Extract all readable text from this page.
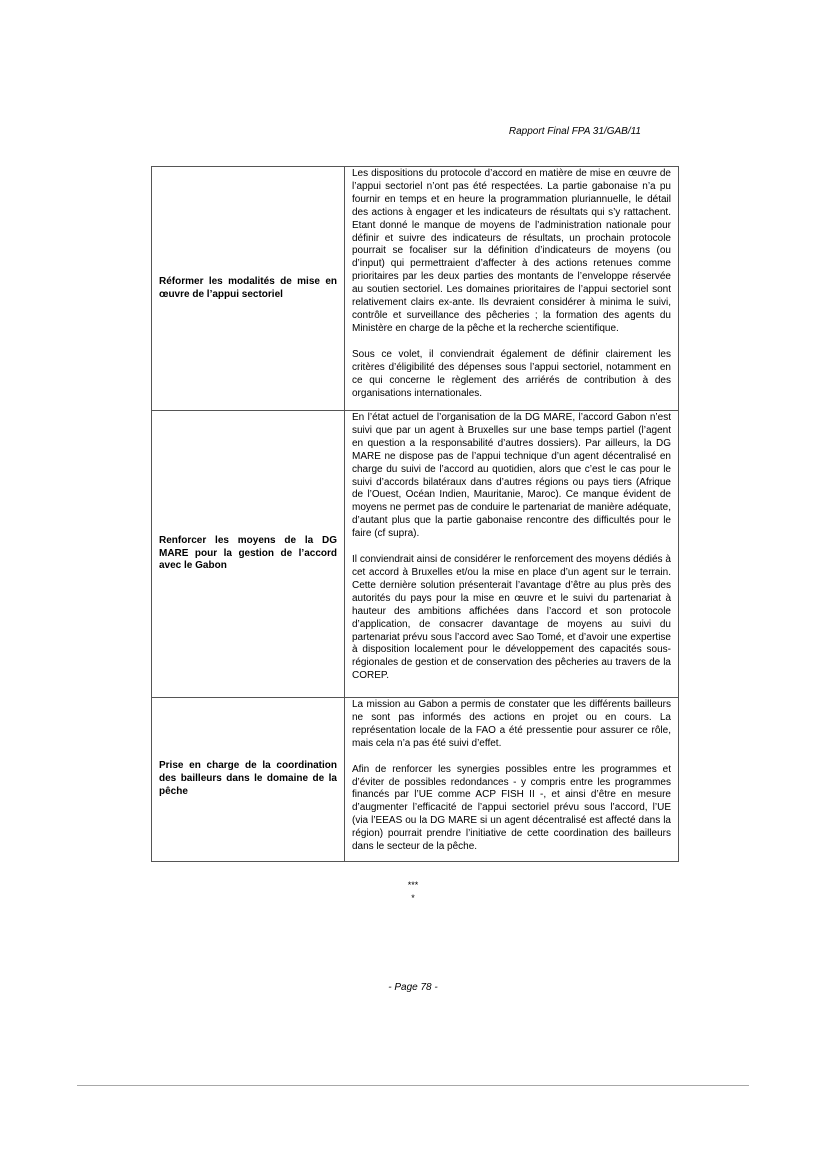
Rapport Final FPA 31/GAB/11
Réformer les modalités de mise en œuvre de l’appui sectoriel	Les dispositions du protocole d’accord en matière de mise en œuvre de l’appui sectoriel n’ont pas été respectées. La partie gabonaise n’a pu fournir en temps et en heure la programmation pluriannuelle, le détail des actions à engager et les indicateurs de résultats qui s’y rattachent. Etant donné le manque de moyens de l’administration nationale pour définir et suivre des indicateurs de résultats, un prochain protocole pourrait se focaliser sur la définition d’indicateurs de moyens (ou d’input) qui permettraient d’affecter à des actions retenues comme prioritaires par les deux parties des montants de l’enveloppe réservée au soutien sectoriel. Les domaines prioritaires de l’appui sectoriel sont relativement clairs ex-ante. Ils devraient considérer à minima le suivi, contrôle et surveillance des pêcheries ; la formation des agents du Ministère en charge de la pêche et la recherche scientifique.

Sous ce volet, il conviendrait également de définir clairement les critères d’éligibilité des dépenses sous l’appui sectoriel, notamment en ce qui concerne le règlement des arriérés de contribution à des organisations internationales.

Renforcer les moyens de la DG MARE pour la gestion de l’accord avec le Gabon	En l’état actuel de l’organisation de la DG MARE, l’accord Gabon n’est suivi que par un agent à Bruxelles sur une base temps partiel (l’agent en question a la responsabilité d’autres dossiers). Par ailleurs, la DG MARE ne dispose pas de l’appui technique d’un agent décentralisé en charge du suivi de l’accord au quotidien, alors que c’est le cas pour le suivi d’accords bilatéraux dans d’autres régions ou pays tiers (Afrique de l’Ouest, Océan Indien, Mauritanie, Maroc). Ce manque évident de moyens ne permet pas de conduire le partenariat de manière adéquate, d’autant plus que la partie gabonaise rencontre des difficultés pour le faire (cf supra).

Il conviendrait ainsi de considérer le renforcement des moyens dédiés à cet accord à Bruxelles et/ou la mise en place d’un agent sur le terrain. Cette dernière solution présenterait l’avantage d’être au plus près des autorités du pays pour la mise en œuvre et le suivi du partenariat à hauteur des ambitions affichées dans l’accord et son protocole d’application, de consacrer davantage de moyens au suivi du partenariat prévu sous l’accord avec Sao Tomé, et d’avoir une expertise à disposition localement pour le développement des capacités sous-régionales de gestion et de conservation des pêcheries au travers de la COREP.

Prise en charge de la coordination des bailleurs dans le domaine de la pêche	La mission au Gabon a permis de constater que les différents bailleurs ne sont pas informés des actions en projet ou en cours. La représentation locale de la FAO a été pressentie pour assurer ce rôle, mais cela n’a pas été suivi d’effet.

Afin de renforcer les synergies possibles entre les programmes et d’éviter de possibles redondances - y compris entre les programmes financés par l’UE comme ACP FISH II -, et ainsi d’être en mesure d’augmenter l’efficacité de l’appui sectoriel prévu sous l’accord, l’UE (via l’EEAS ou la DG MARE si un agent décentralisé est affecté dans la région) pourrait prendre l’initiative de cette coordination des bailleurs dans le secteur de la pêche.

***
*
- Page 78 -
